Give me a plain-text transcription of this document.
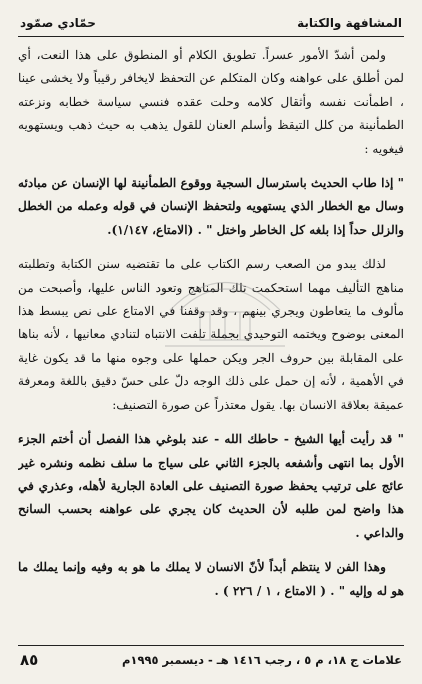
المشافهة والكتابة
حمّادي صمّود

ولمن أشدّ الأمور عسراً. تطويق الكلام أو المنطوق على هذا النعت، أي لمن أطلق على عواهنه وكان المتكلم عن التحفظ لايخافر رقيباً ولا يخشى عينا ، اطمأنت نفسه وأثقال كلامه وحلت عقده فنسي سياسة خطابه ونزعته الطمأنينة من كلل التيقظ وأسلم العنان للقول يذهب به حيث ذهب ويستهويه فيغويه :

" إذا طاب الحديث باسترسال السجية ووقوع الطمأنينة لها الإنسان عن مبادئه وسال مع الخطار الذي يستهويه ولتحفظ الإنسان في قوله وعمله من الخطل والزلل حداً إذا بلغه كل الخاطر واختل " . (الامتاع، ١/١٤٧).

لذلك يبدو من الصعب رسم الكتاب على ما تقتضيه سنن الكتابة وتطلبته مناهج التأليف مهما استحكمت تلك المناهج وتعود الناس عليها، وأصبحت من مألوف ما يتعاطون ويجري بينهم ، وقد وقفنا في الامتاع على نص يبسط هذا المعنى بوضوح ويختمه التوحيدي بجملة تلفت الانتباه لتنادي معانيها ، لأنه بناها على المقابلة بين حروف الجر ويكن حملها على وجوه منها ما قد يكون غاية في الأهمية ، لأنه إن حمل على ذلك الوجه دلّ على حسّ دقيق باللغة ومعرفة عميقة بعلاقة الانسان بها. يقول معتذراً عن صورة التصنيف:

" قد رأيت أيها الشيخ - حاطك الله - عند بلوغي هذا الفصل أن أختم الجزء الأول بما انتهى وأشفعه بالجزء الثاني على سياج ما سلف نظمه ونشره غير عائج على ترتيب يحفظ صورة التصنيف على العادة الجارية لأهله، وعذري في هذا واضح لمن طلبه لأن الحديث كان يجري على عواهنه بحسب السانح والداعي .

وهذا الفن لا ينتظم أبداً لأنّ الانسان لا يملك ما هو به وفيه وإنما يملك ما هو له وإليه " . ( الامتاع ، ١ / ٢٢٦ ) .

علامات ج ١٨، م ٥ ، رجب ١٤١٦ هـ - ديسمبر ١٩٩٥م
٨٥
